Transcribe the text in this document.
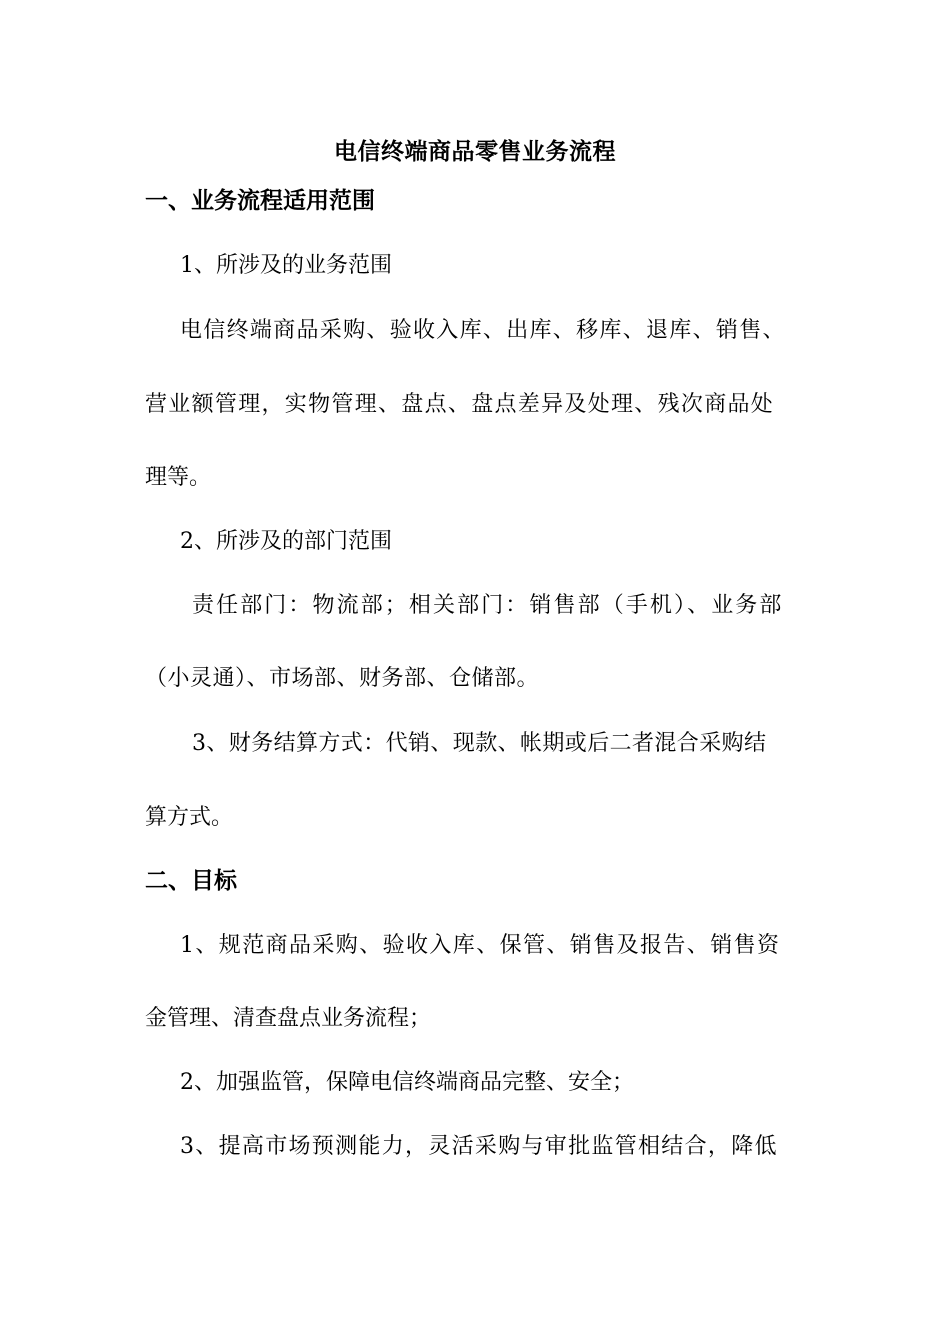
电信终端商品零售业务流程
一、业务流程适用范围
1、所涉及的业务范围
电信终端商品采购、验收入库、出库、移库、退库、销售、
营业额管理，实物管理、盘点、盘点差异及处理、残次商品处
理等。
2、所涉及的部门范围
责任部门：物流部；相关部门：销售部（手机）、业务部
（小灵通）、市场部、财务部、仓储部。
3、财务结算方式：代销、现款、帐期或后二者混合采购结
算方式。
二、目标
1、规范商品采购、验收入库、保管、销售及报告、销售资
金管理、清查盘点业务流程；
2、加强监管，保障电信终端商品完整、安全；
3、提高市场预测能力，灵活采购与审批监管相结合，降低
